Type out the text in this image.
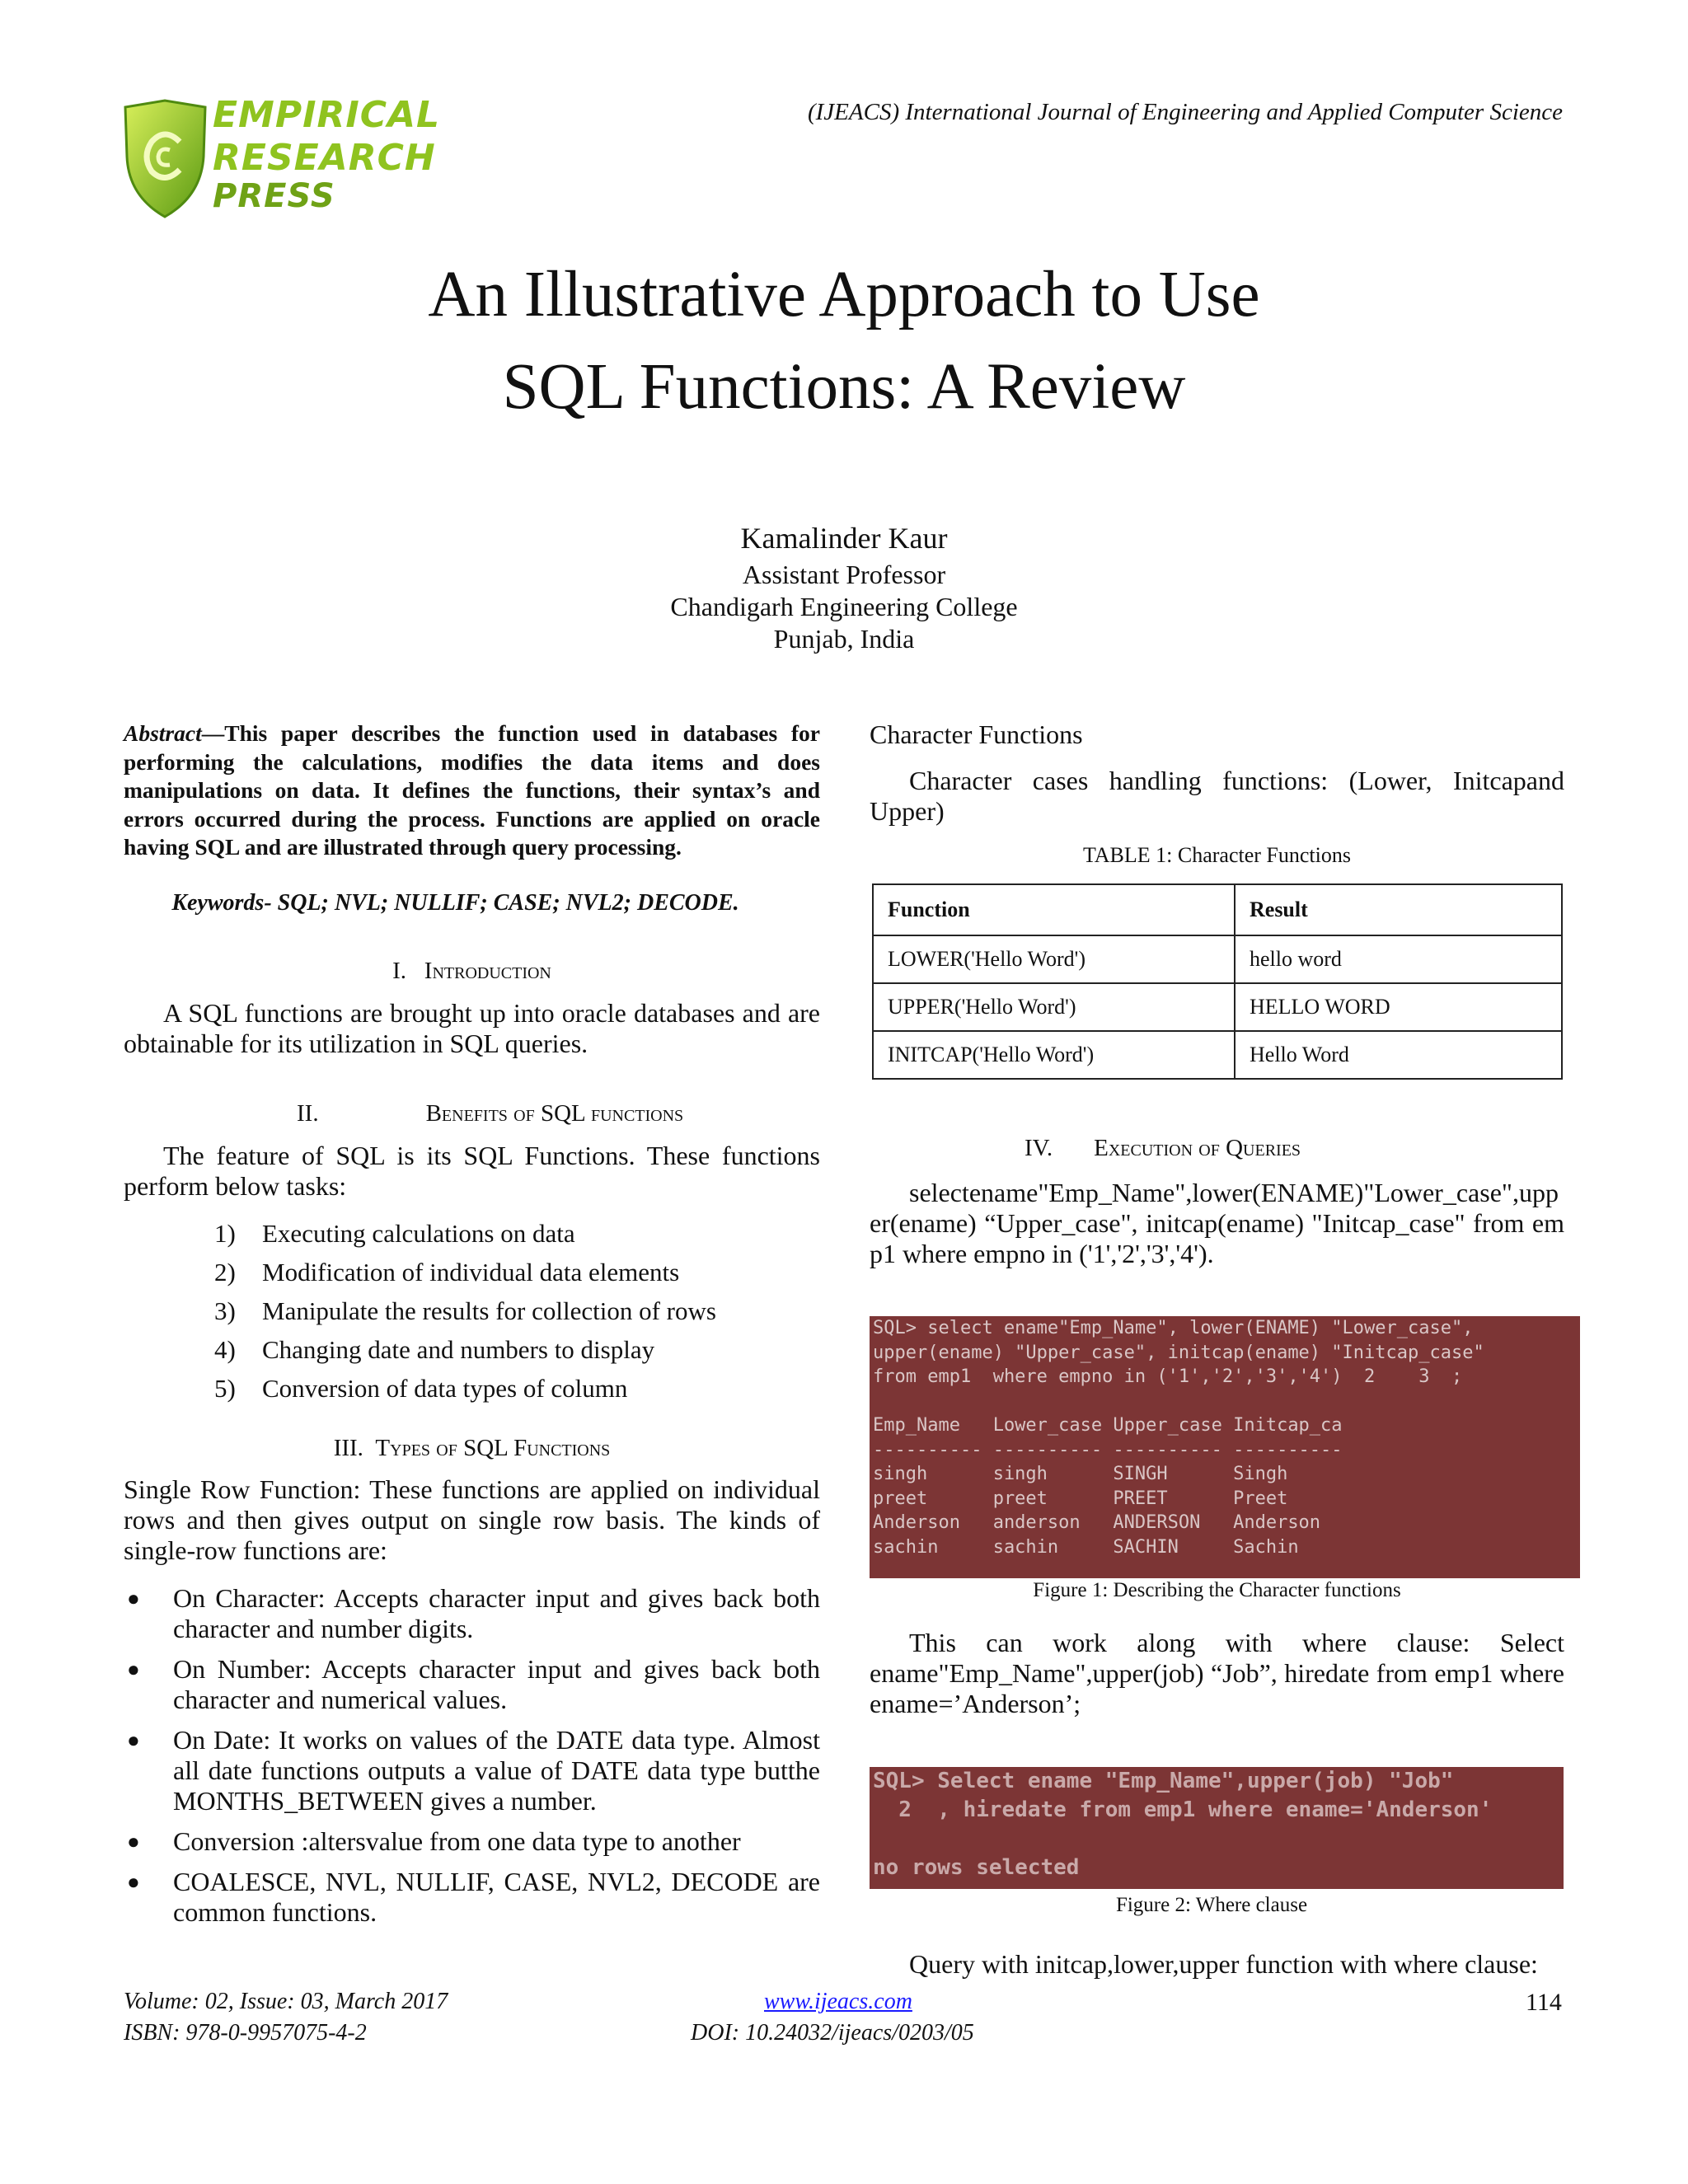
EMPIRICAL
RESEARCH
PRESS
(IJEACS) International Journal of Engineering and Applied Computer Science
An Illustrative Approach to Use
SQL Functions: A Review
Kamalinder Kaur
Assistant Professor
Chandigarh Engineering College
Punjab, India
Abstract—This paper describes the function used in databases for performing the calculations, modifies the data items and does manipulations on data. It defines the functions, their syntax’s and errors occurred during the process. Functions are applied on oracle having SQL and are illustrated through query processing.
Keywords- SQL; NVL; NULLIF; CASE; NVL2; DECODE.
I. Introduction
A SQL functions are brought up into oracle databases and are obtainable for its utilization in SQL queries.
II.	Benefits of SQL functions
The feature of SQL is its SQL Functions. These functions perform below tasks:
1) Executing calculations on data
2) Modification of individual data elements
3) Manipulate the results for collection of rows
4) Changing date and numbers to display
5) Conversion of data types of column
III. Types of SQL Functions
Single Row Function: These functions are applied on individual rows and then gives output on single row basis. The kinds of single-row functions are:
● On Character: Accepts character input and gives back both character and number digits.
● On Number: Accepts character input and gives back both character and numerical values.
● On Date: It works on values of the DATE data type. Almost all date functions outputs a value of DATE data type butthe MONTHS_BETWEEN gives a number.
● Conversion :altersvalue from one data type to another
● COALESCE, NVL, NULLIF, CASE, NVL2, DECODE are common functions.
Character Functions
Character cases handling functions: (Lower, Initcapand Upper)
TABLE 1: Character Functions
Function	Result
LOWER('Hello Word')	hello word
UPPER('Hello Word')	HELLO WORD
INITCAP('Hello Word')	Hello Word
IV. Execution of Queries
selectename"Emp_Name",lower(ENAME)"Lower_case",upper(ename) “Upper_case", initcap(ename) "Initcap_case" from emp1 where empno in ('1','2','3','4').
SQL> select ename"Emp_Name", lower(ENAME) "Lower_case",
upper(ename) "Upper_case", initcap(ename) "Initcap_case"
from emp1  where empno in ('1','2','3','4')  2    3  ;

Emp_Name   Lower_case Upper_case Initcap_ca
---------- ---------- ---------- ----------
singh      singh      SINGH      Singh
preet      preet      PREET      Preet
Anderson   anderson   ANDERSON   Anderson
sachin     sachin     SACHIN     Sachin
Figure 1: Describing the Character functions
This can work along with where clause: Select ename"Emp_Name",upper(job) “Job”, hiredate from emp1 where ename=’Anderson’;
SQL> Select ename "Emp_Name",upper(job) "Job"
2  , hiredate from emp1 where ename='Anderson'

no rows selected
Figure 2: Where clause
Query with initcap,lower,upper function with where clause:
Volume: 02, Issue: 03, March 2017
ISBN: 978-0-9957075-4-2
www.ijeacs.com
DOI: 10.24032/ijeacs/0203/05
114
